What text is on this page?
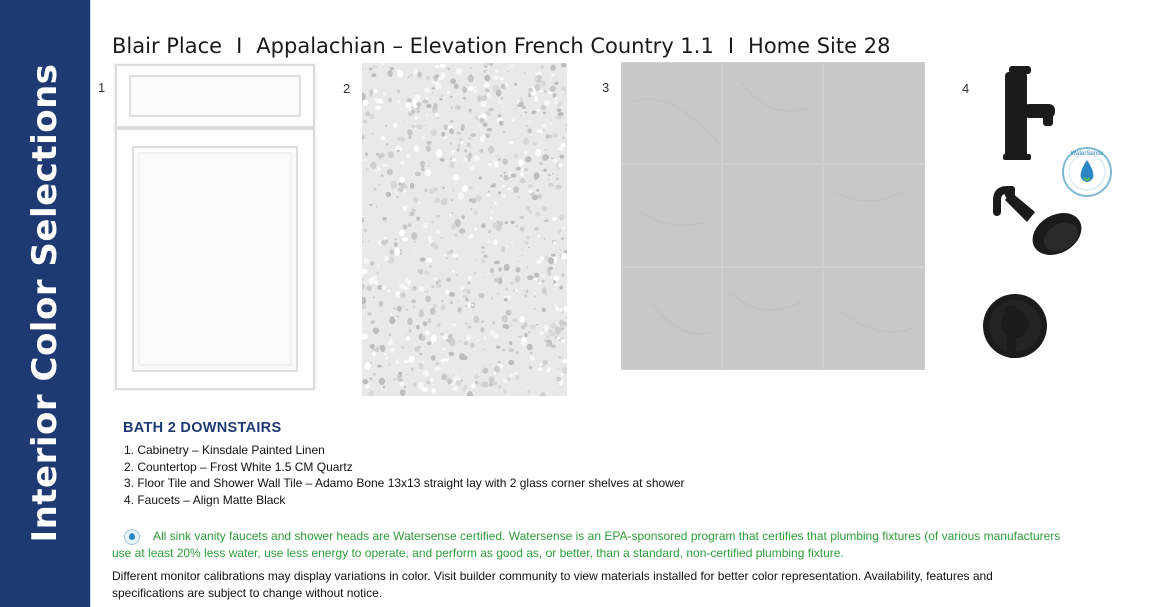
Interior Color Selections
Blair Place I Appalachian – Elevation French Country 1.1 I Home Site 28
1	2	3	4
WaterSense
BATH 2 DOWNSTAIRS
1. Cabinetry – Kinsdale Painted Linen
2. Countertop – Frost White 1.5 CM Quartz
3. Floor Tile and Shower Wall Tile – Adamo Bone 13x13 straight lay with 2 glass corner shelves at shower
4. Faucets – Align Matte Black
All sink vanity faucets and shower heads are Watersense certified. Watersense is an EPA-sponsored program that certifies that plumbing fixtures (of various manufacturers
use at least 20% less water, use less energy to operate, and perform as good as, or better, than a standard, non-certified plumbing fixture.
Different monitor calibrations may display variations in color. Visit builder community to view materials installed for better color representation. Availability, features and
specifications are subject to change without notice.
